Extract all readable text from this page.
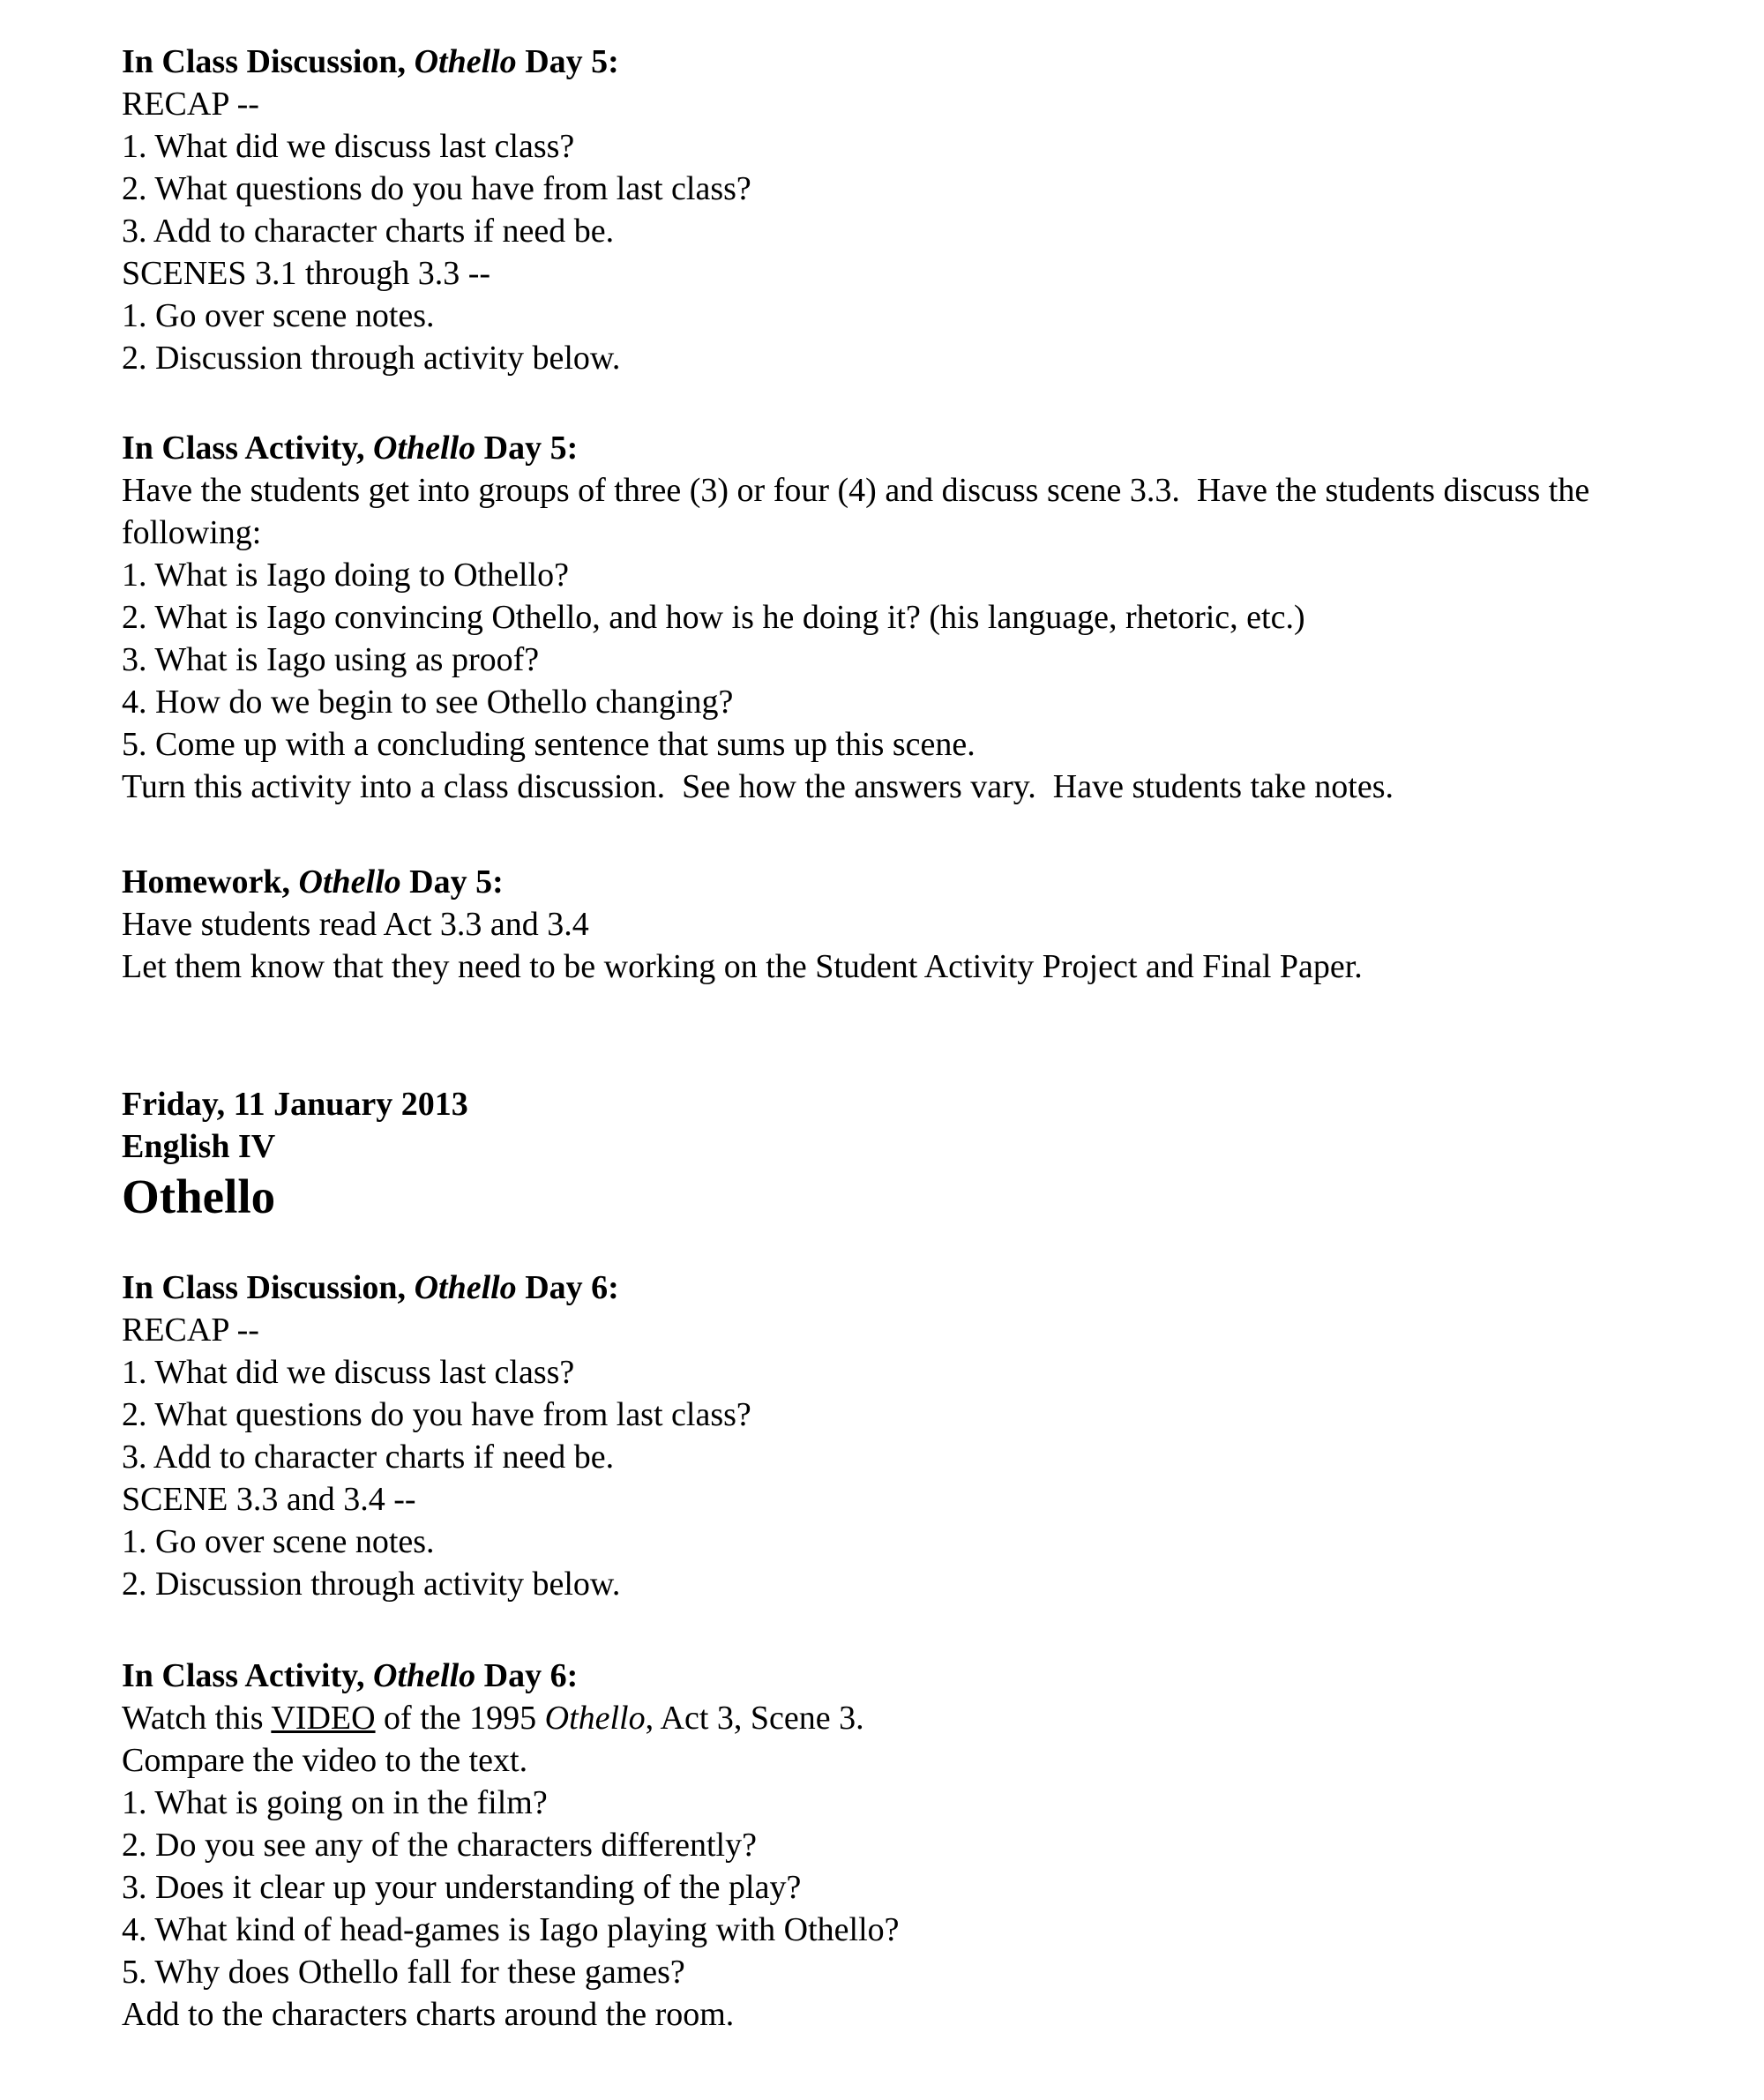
In Class Discussion, Othello Day 5:

RECAP --

1. What did we discuss last class?

2. What questions do you have from last class?

3. Add to character charts if need be.

SCENES 3.1 through 3.3 --

1. Go over scene notes.

2. Discussion through activity below.

In Class Activity, Othello Day 5:

Have the students get into groups of three (3) or four (4) and discuss scene 3.3.  Have the students discuss the following:

1. What is Iago doing to Othello?

2. What is Iago convincing Othello, and how is he doing it? (his language, rhetoric, etc.)

3. What is Iago using as proof?

4. How do we begin to see Othello changing?

5. Come up with a concluding sentence that sums up this scene.

Turn this activity into a class discussion.  See how the answers vary.  Have students take notes.

Homework, Othello Day 5:

Have students read Act 3.3 and 3.4

Let them know that they need to be working on the Student Activity Project and Final Paper.

Friday, 11 January 2013

English IV

Othello

In Class Discussion, Othello Day 6:

RECAP --

1. What did we discuss last class?

2. What questions do you have from last class?

3. Add to character charts if need be.

SCENE 3.3 and 3.4 --

1. Go over scene notes.

2. Discussion through activity below.

In Class Activity, Othello Day 6:

Watch this VIDEO of the 1995 Othello, Act 3, Scene 3.

Compare the video to the text.

1. What is going on in the film?

2. Do you see any of the characters differently?

3. Does it clear up your understanding of the play?

4. What kind of head-games is Iago playing with Othello?

5. Why does Othello fall for these games?

Add to the characters charts around the room.
